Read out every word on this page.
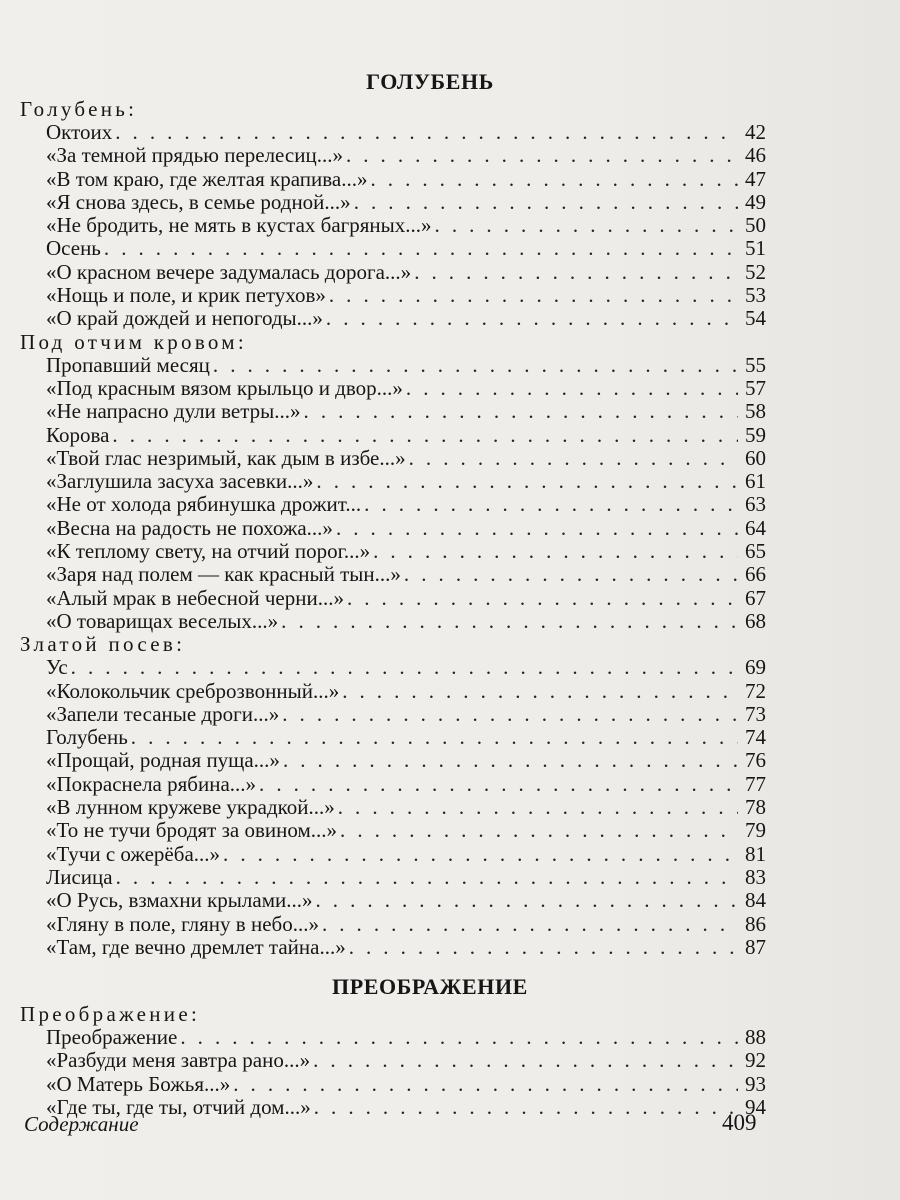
ГОЛУБЕНЬ
Голубень:
Октоих . . .	42
«За темной прядью перелесиц...» . . .	46
«В том краю, где желтая крапива...» . . .	47
«Я снова здесь, в семье родной...» . . .	49
«Не бродить, не мять в кустах багряных...» . . .	50
Осень . . .	51
«О красном вечере задумалась дорога...» . . .	52
«Нощь и поле, и крик петухов» . . .	53
«О край дождей и непогоды...» . . .	54
Под отчим кровом:
Пропавший месяц . . .	55
«Под красным вязом крыльцо и двор...» . . .	57
«Не напрасно дули ветры...» . . .	58
Корова . . .	59
«Твой глас незримый, как дым в избе...» . . .	60
«Заглушила засуха засевки...» . . .	61
«Не от холода рябинушка дрожит... . . .	63
«Весна на радость не похожа...» . . .	64
«К теплому свету, на отчий порог...» . . .	65
«Заря над полем — как красный тын...» . . .	66
«Алый мрак в небесной черни...» . . .	67
«О товарищах веселых...» . . .	68
Златой посев:
Ус . . .	69
«Колокольчик среброзвонный...» . . .	72
«Запели тесаные дроги...» . . .	73
Голубень . . .	74
«Прощай, родная пуща...» . . .	76
«Покраснела рябина...» . . .	77
«В лунном кружеве украдкой...» . . .	78
«То не тучи бродят за овином...» . . .	79
«Тучи с ожерёба...» . . .	81
Лисица . . .	83
«О Русь, взмахни крылами...» . . .	84
«Гляну в поле, гляну в небо...» . . .	86
«Там, где вечно дремлет тайна...» . . .	87
ПРЕОБРАЖЕНИЕ
Преображение:
Преображение . . .	88
«Разбуди меня завтра рано...» . . .	92
«О Матерь Божья...» . . .	93
«Где ты, где ты, отчий дом...» . . .	94
Содержание	409
